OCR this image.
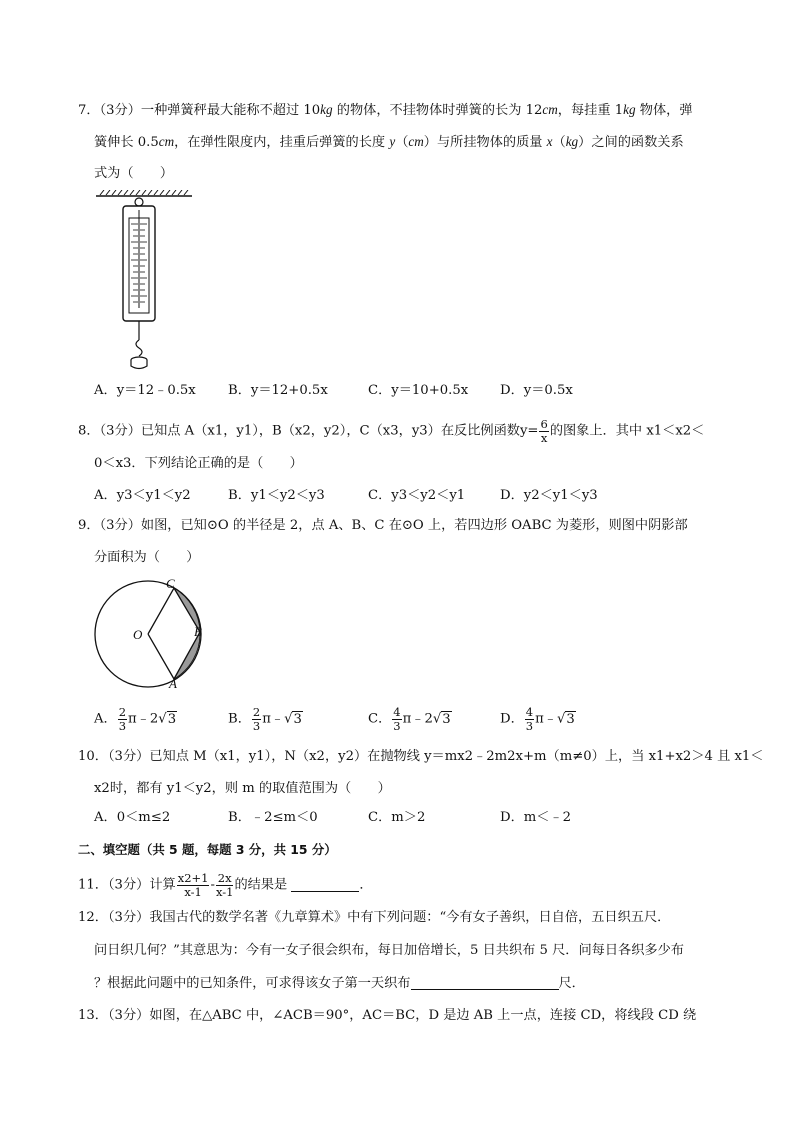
7．（3分）一种弹簧秤最大能称不超过 10kg 的物体，不挂物体时弹簧的长为 12cm，每挂重 1kg 物体，弹
簧伸长 0.5cm，在弹性限度内，挂重后弹簧的长度 y（cm）与所挂物体的质量 x（kg）之间的函数关系
式为（　　）
A．y＝12﹣0.5x B．y＝12+0.5x	C．y＝10+0.5x D．y＝0.5x
8．（3分）已知点 A（x1，y1），B（x2，y2），C（x3，y3）在反比例函数$y= \frac{6}{x}$ 的图象上．其中 x1＜x2＜
0＜x3．下列结论正确的是（　　）
A．y3＜y1＜y2	B．y1＜y2＜y3	C．y3＜y2＜y1	D．y2＜y1＜y3
9．（3分）如图，已知⊙O 的半径是 2，点 A、B、C 在⊙O 上，若四边形 OABC 为菱形，则图中阴影部
分面积为（　　）
C
O	B
A
A． $\frac{2}{3}$ π﹣2√3	B． $\frac{2}{3}$ π﹣√3	C． $\frac{4}{3}$ π﹣2√3	D． $\frac{4}{3}$ π﹣√3
10．（3分）已知点 M（x1，y1），N（x2，y2）在抛物线 y＝mx2﹣2m2x+m（m≠0）上，当 x1+x2＞4 且 x1＜
x2时，都有 y1＜y2，则 m 的取值范围为（　　）
A．0＜m≤2	B．﹣2≤m＜0	C．m＞2	D．m＜﹣2
二、填空题（共 5 题，每题 3 分，共 15 分）
11．（3分）计算 $\frac{x2+1}{x-1} - \frac{2x}{x-1}$ 的结果是	．
12．（3分）我国古代的数学名著《九章算术》中有下列问题：“今有女子善织，日自倍，五日织五尺．
问日织几何？”其意思为：今有一女子很会织布，每日加倍增长，5 日共织布 5 尺．问每日各织多少布
？根据此问题中的已知条件，可求得该女子第一天织布	尺．
13．（3分）如图，在△ABC 中，∠ACB＝90°，AC＝BC，D 是边 AB 上一点，连接 CD，将线段 CD 绕
